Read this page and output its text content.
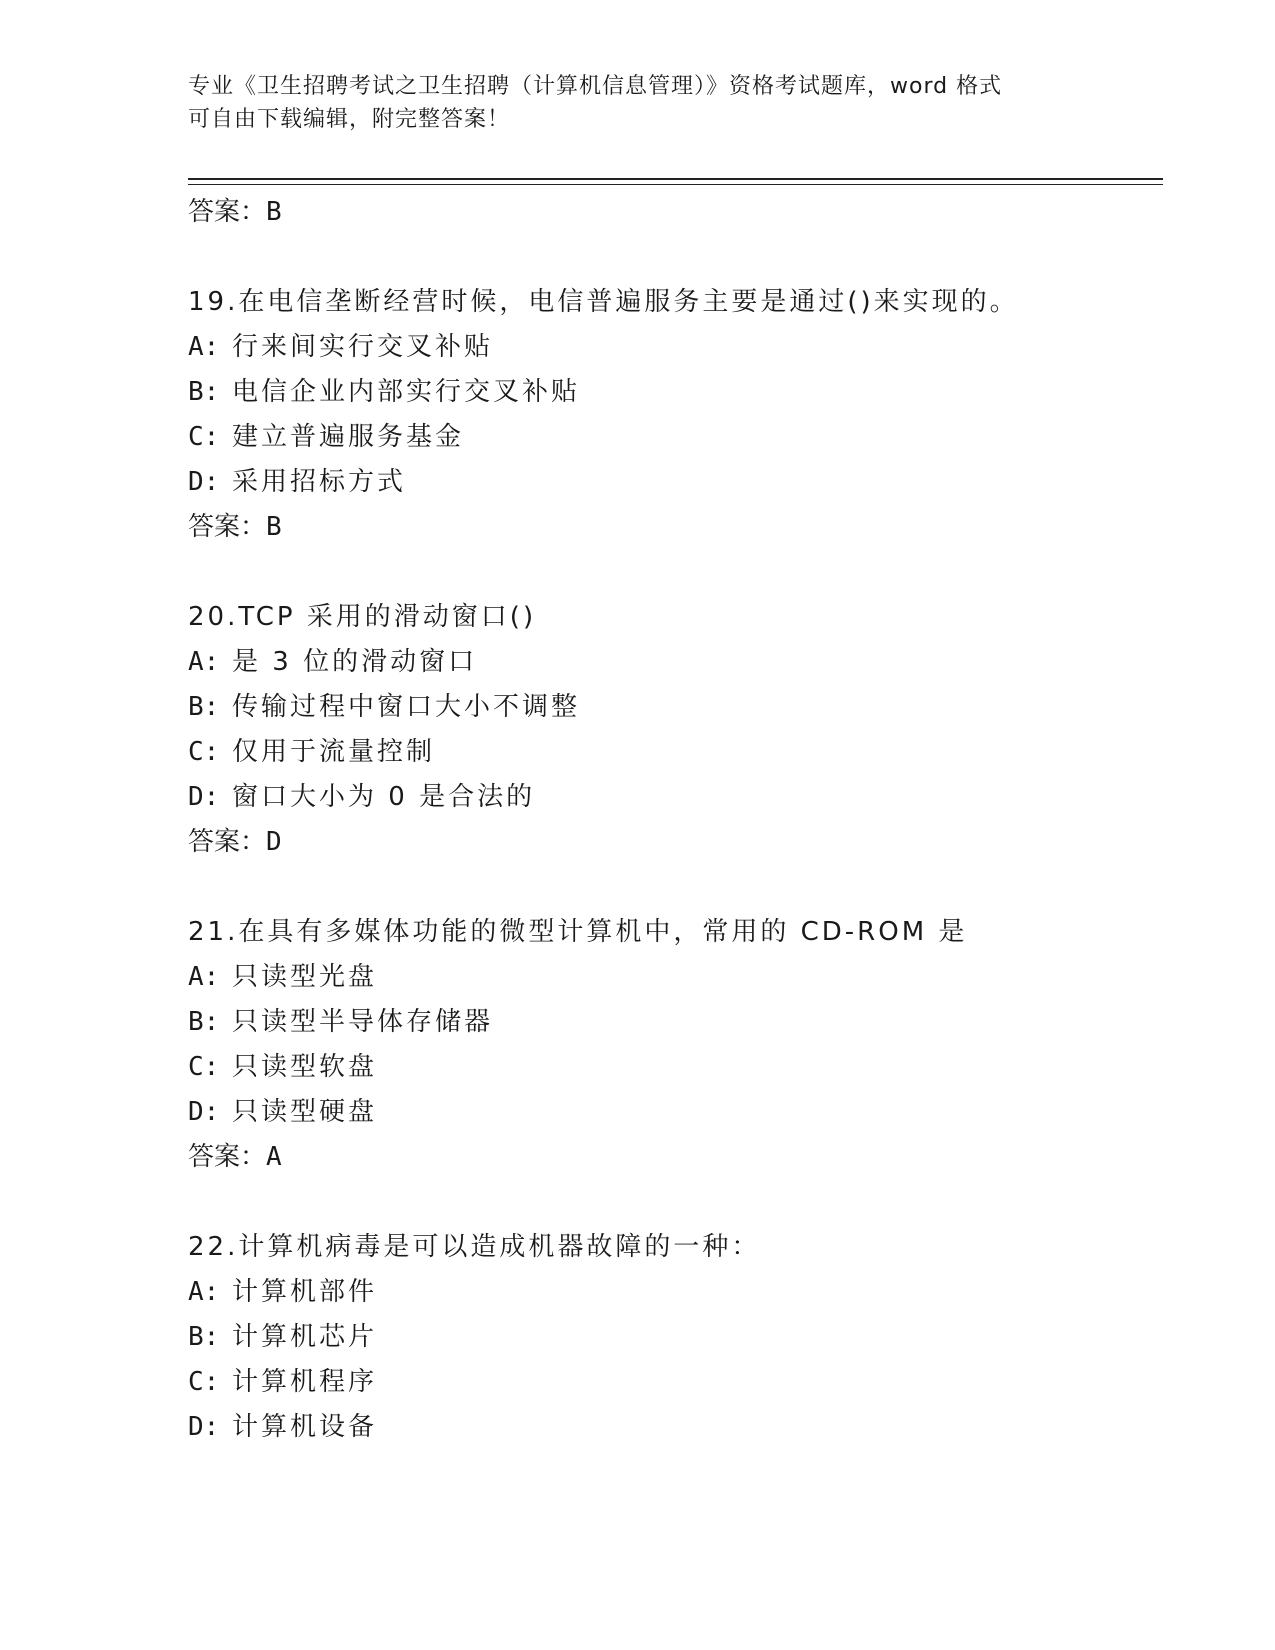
专业《卫生招聘考试之卫生招聘（计算机信息管理）》资格考试题库，word 格式
可自由下载编辑，附完整答案！
答案：B
19.在电信垄断经营时候，电信普遍服务主要是通过()来实现的。
A: 行来间实行交叉补贴
B: 电信企业内部实行交叉补贴
C: 建立普遍服务基金
D: 采用招标方式
答案：B
20.TCP 采用的滑动窗口()
A: 是 3 位的滑动窗口
B: 传输过程中窗口大小不调整
C: 仅用于流量控制
D: 窗口大小为 0 是合法的
答案：D
21.在具有多媒体功能的微型计算机中，常用的 CD-ROM 是
A: 只读型光盘
B: 只读型半导体存储器
C: 只读型软盘
D: 只读型硬盘
答案：A
22.计算机病毒是可以造成机器故障的一种：
A: 计算机部件
B: 计算机芯片
C: 计算机程序
D: 计算机设备
